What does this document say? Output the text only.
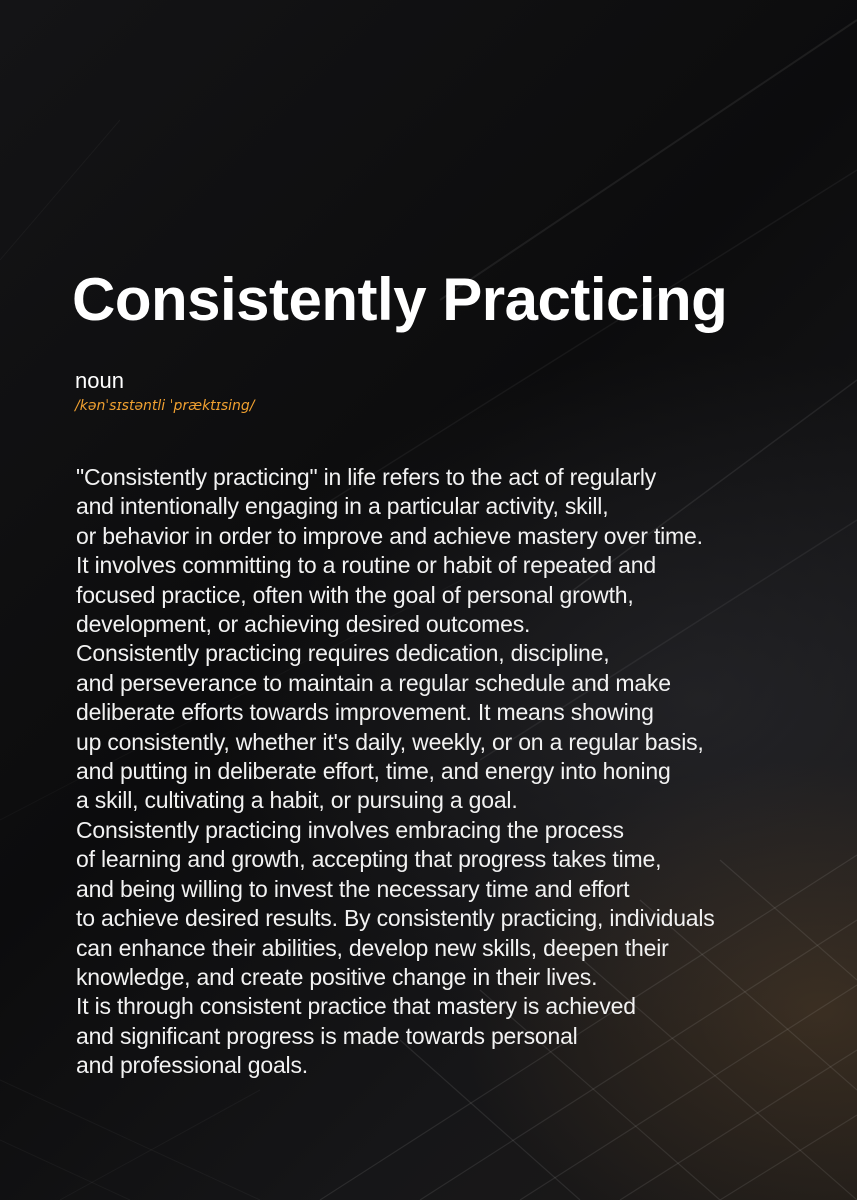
Consistently Practicing
noun
/kənˈsɪstəntli ˈpræktɪsing/
"Consistently practicing" in life refers to the act of regularly
and intentionally engaging in a particular activity, skill,
or behavior in order to improve and achieve mastery over time.
It involves committing to a routine or habit of repeated and
focused practice, often with the goal of personal growth,
development, or achieving desired outcomes.
Consistently practicing requires dedication, discipline,
and perseverance to maintain a regular schedule and make
deliberate efforts towards improvement. It means showing
up consistently, whether it's daily, weekly, or on a regular basis,
and putting in deliberate effort, time, and energy into honing
a skill, cultivating a habit, or pursuing a goal.
Consistently practicing involves embracing the process
of learning and growth, accepting that progress takes time,
and being willing to invest the necessary time and effort
to achieve desired results. By consistently practicing, individuals
can enhance their abilities, develop new skills, deepen their
knowledge, and create positive change in their lives.
It is through consistent practice that mastery is achieved
and significant progress is made towards personal
and professional goals.
